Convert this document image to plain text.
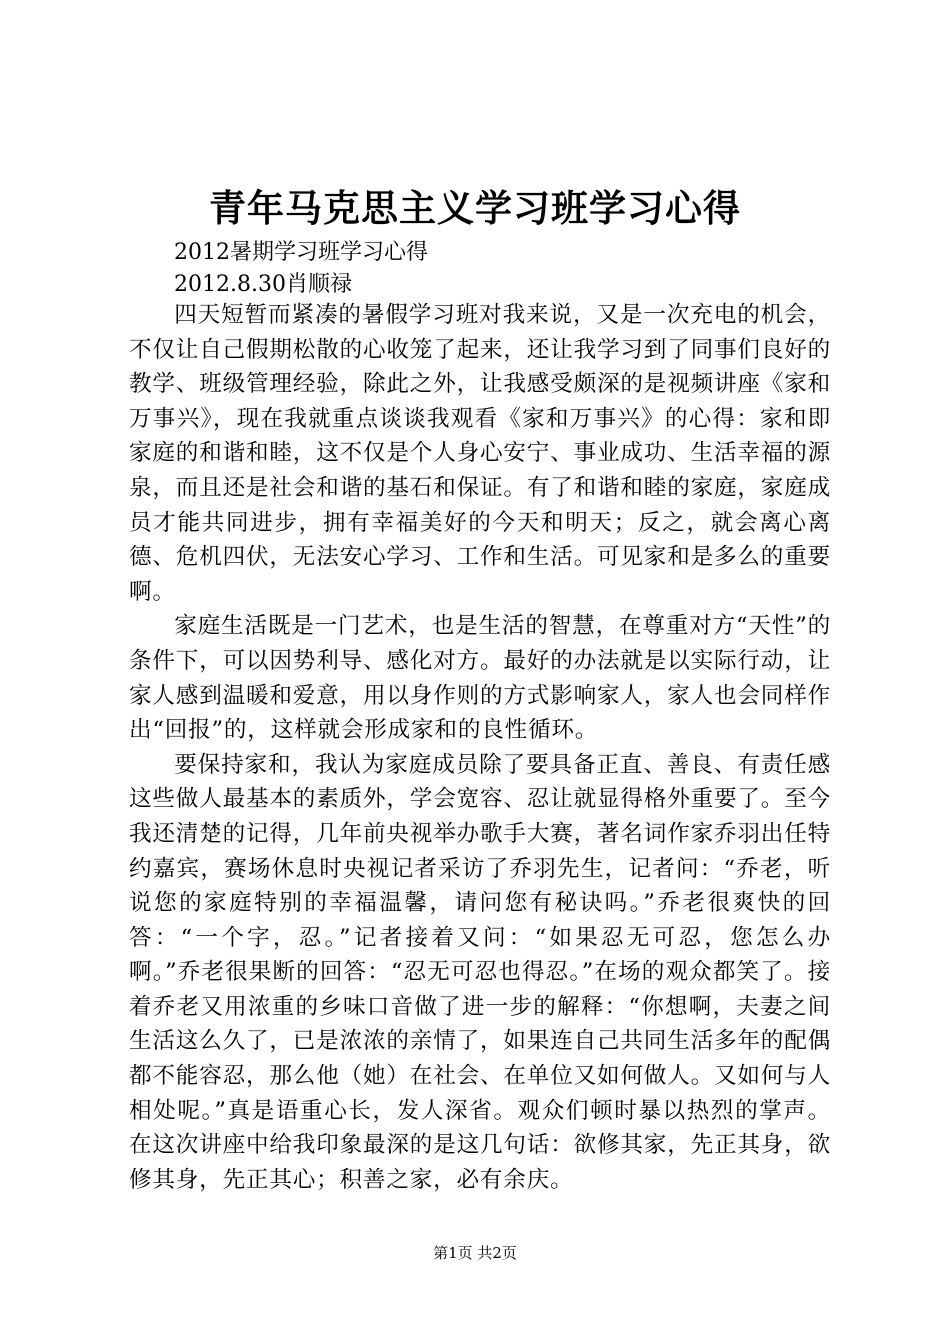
青年马克思主义学习班学习心得
2012暑期学习班学习心得
2012.8.30肖顺禄

四天短暂而紧凑的暑假学习班对我来说，又是一次充电的机会，不仅让自己假期松散的心收笼了起来，还让我学习到了同事们良好的教学、班级管理经验，除此之外，让我感受颇深的是视频讲座《家和万事兴》，现在我就重点谈谈我观看《家和万事兴》的心得：家和即家庭的和谐和睦，这不仅是个人身心安宁、事业成功、生活幸福的源泉，而且还是社会和谐的基石和保证。有了和谐和睦的家庭，家庭成员才能共同进步，拥有幸福美好的今天和明天；反之，就会离心离德、危机四伏，无法安心学习、工作和生活。可见家和是多么的重要啊。

家庭生活既是一门艺术，也是生活的智慧，在尊重对方“天性”的条件下，可以因势利导、感化对方。最好的办法就是以实际行动，让家人感到温暖和爱意，用以身作则的方式影响家人，家人也会同样作出“回报”的，这样就会形成家和的良性循环。

要保持家和，我认为家庭成员除了要具备正直、善良、有责任感这些做人最基本的素质外，学会宽容、忍让就显得格外重要了。至今我还清楚的记得，几年前央视举办歌手大赛，著名词作家乔羽出任特约嘉宾，赛场休息时央视记者采访了乔羽先生，记者问：“乔老，听说您的家庭特别的幸福温馨，请问您有秘诀吗。”乔老很爽快的回答：“一个字，忍。”记者接着又问：“如果忍无可忍，您怎么办啊。”乔老很果断的回答：“忍无可忍也得忍。”在场的观众都笑了。接着乔老又用浓重的乡味口音做了进一步的解释：“你想啊，夫妻之间生活这么久了，已是浓浓的亲情了，如果连自己共同生活多年的配偶都不能容忍，那么他（她）在社会、在单位又如何做人。又如何与人相处呢。”真是语重心长，发人深省。观众们顿时暴以热烈的掌声。在这次讲座中给我印象最深的是这几句话：欲修其家，先正其身，欲修其身，先正其心；积善之家，必有余庆。

第1页 共2页
